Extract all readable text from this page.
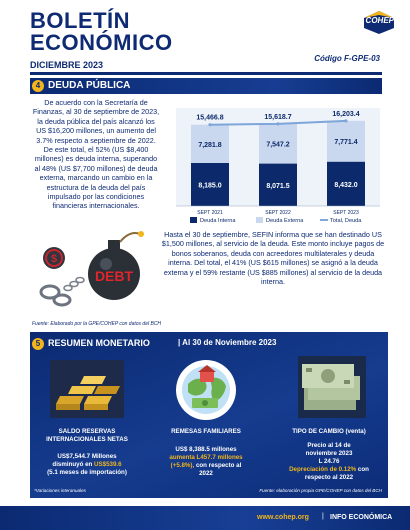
BOLETÍN
ECONÓMICO
DICIEMBRE 2023
Código F-GPE-03
COHEP
4 DEUDA PÚBLICA
De acuerdo con la Secretaría de Finanzas, al 30 de septiembre de 2023, la deuda pública del país alcanzó los US $16,200 millones, un aumento del 3.7% respecto a septiembre de 2022. De este total, el 52% (US $8,400 millones) es deuda interna, superando al 48% (US $7,700 millones) de deuda externa, marcando un cambio en la estructura de la deuda del país impulsado por las condiciones financieras internacionales.
8,185.0
7,281.8
15,466.8
SEPT 2021
8,071.5
7,547.2
15,618.7
SEPT 2022
8,432.0
7,771.4
16,203.4
SEPT 2023
Deuda Interna	Deuda Externa	Total, Deuda
$
DEBT
Hasta el 30 de septiembre, SEFIN informa que se han destinado US $1,500 millones, al servicio de la deuda. Este monto incluye pagos de bonos soberanos, deuda con acreedores multilaterales y deuda interna. Del total, el 41% (US $615 millones) se asignó a la deuda externa y el 59% restante (US $885 millones) al servicio de la deuda interna.
Fuente: Elaborado por la GPE/COHEP con datos del BCH
5 RESUMEN MONETARIO	| Al 30 de Noviembre 2023
SALDO RESERVAS INTERNACIONALES NETAS
US$7,544.7 Millones
disminuyó en US$539.6
(5.1 meses de importación)
REMESAS FAMILIARES
US$ 8,388.5 millones
aumenta L457.7 millones
(+5.8%), con respecto al
2022
TIPO DE CAMBIO (venta)
Precio al 14 de
noviembre 2023
L 24.76
Depreciación de 0.12% con
respecto al 2022
*Variaciones interanuales	Fuente: elaboración propia GPE/COHEP con datos del BCH
www.cohep.org | INFO ECONÓMICA
